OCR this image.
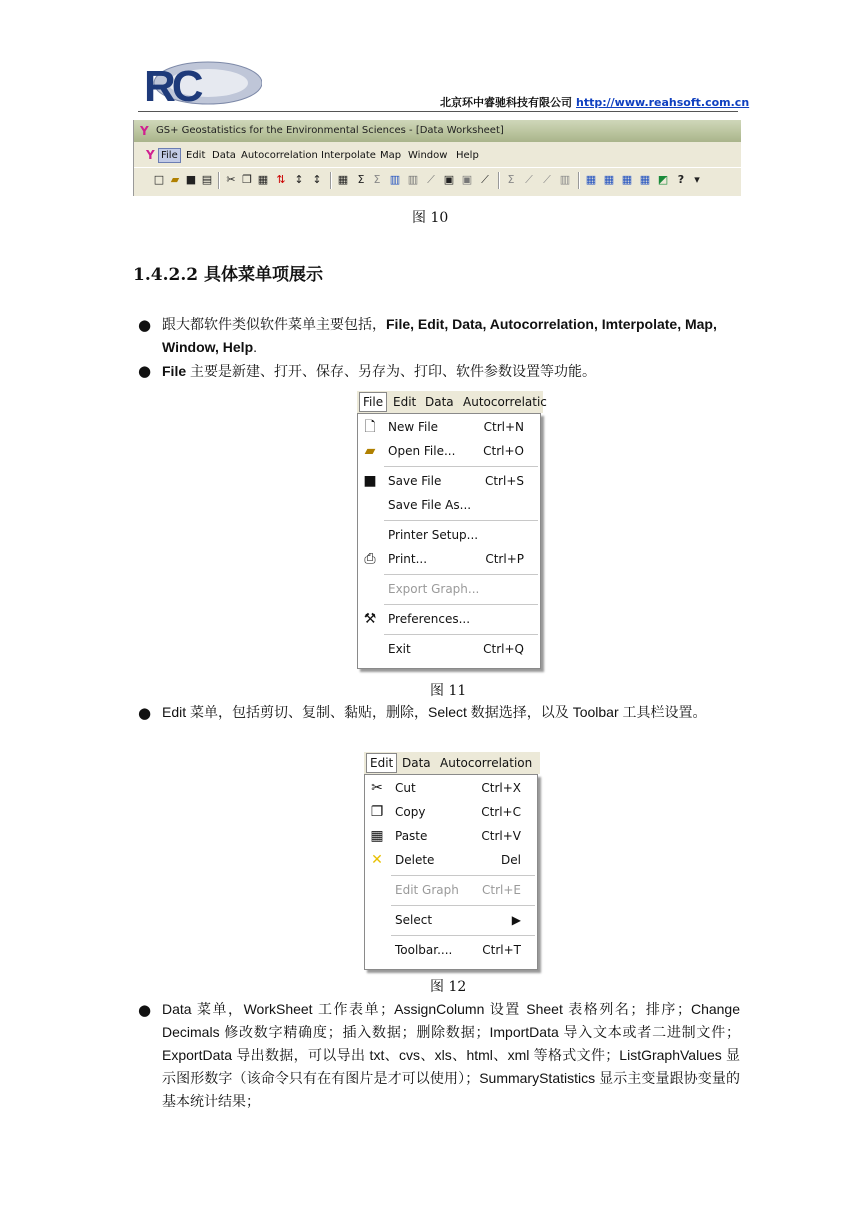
RC	北京环中睿驰科技有限公司 http://www.reahsoft.com.cn
Y GS+ Geostatistics for the Environmental Sciences - [Data Worksheet]
Y File Edit Data Autocorrelation Interpolate Map Window Help
□ ▰ ■ ▤ ✂ ❐ ▦ ⇅ ↕ ↕ ▦ Σ Σ ▥ ▥ ⟋ ▣ ▣ ⟋	Σ ⟋ ⟋ ▥ ▦ ▦ ▦ ▦ ◩ ? ▾
图 10
1.4.2.2 具体菜单项展示
● 跟大都软件类似软件菜单主要包括，File, Edit, Data, Autocorrelation, Imterpolate, Map, Window, Help.
● File 主要是新建、打开、保存、另存为、打印、软件参数设置等功能。
File Edit Data Autocorrelatic
🗋 New File	Ctrl+N
▰ Open File... Ctrl+O
■ Save File	Ctrl+S
Save File As...
Printer Setup...
⎙ Print...	Ctrl+P
Export Graph...
⚒ Preferences...
Exit	Ctrl+Q
图 11
● Edit 菜单，包括剪切、复制、黏贴，删除，Select 数据选择，以及 Toolbar 工具栏设置。
Edit Data Autocorrelation
✂ Cut	Ctrl+X
❐ Copy	Ctrl+C
▦ Paste	Ctrl+V
✕ Delete	Del
Edit Graph Ctrl+E
Select	▶
Toolbar.... Ctrl+T
图 12
● Data 菜单，WorkSheet 工作表单；AssignColumn 设置 Sheet 表格列名；排序；Change Decimals 修改数字精确度；插入数据；删除数据；ImportData 导入文本或者二进制文件；ExportData 导出数据，可以导出 txt、cvs、xls、html、xml 等格式文件；ListGraphValues 显示图形数字（该命令只有在有图片是才可以使用）；SummaryStatistics 显示主变量跟协变量的基本统计结果；
